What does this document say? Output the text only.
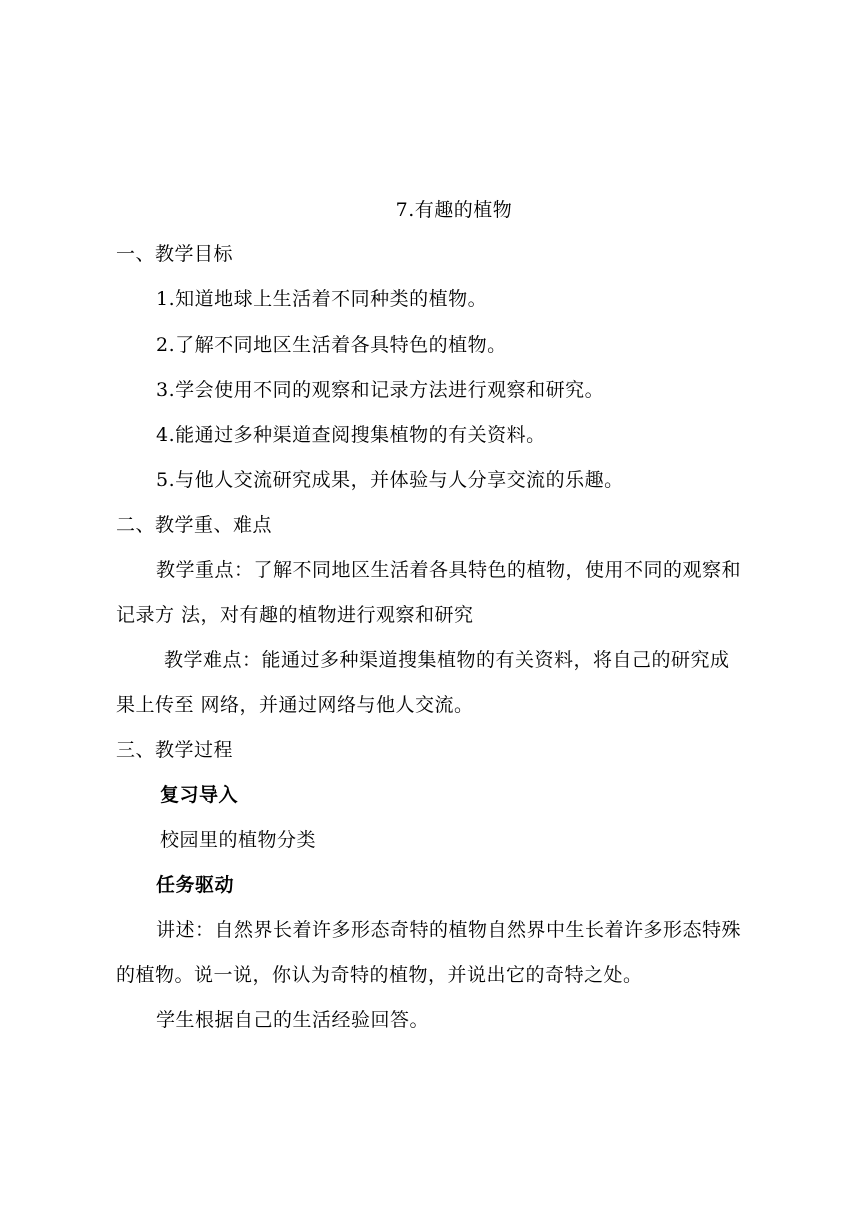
7.有趣的植物
一、教学目标
1.知道地球上生活着不同种类的植物。
2.了解不同地区生活着各具特色的植物。
3.学会使用不同的观察和记录方法进行观察和研究。
4.能通过多种渠道查阅搜集植物的有关资料。
5.与他人交流研究成果，并体验与人分享交流的乐趣。
二、教学重、难点
教学重点：了解不同地区生活着各具特色的植物，使用不同的观察和
记录方 法，对有趣的植物进行观察和研究
教学难点：能通过多种渠道搜集植物的有关资料，将自己的研究成
果上传至 网络，并通过网络与他人交流。
三、教学过程
复习导入
校园里的植物分类
任务驱动
讲述：自然界长着许多形态奇特的植物自然界中生长着许多形态特殊
的植物。说一说，你认为奇特的植物，并说出它的奇特之处。
学生根据自己的生活经验回答。
